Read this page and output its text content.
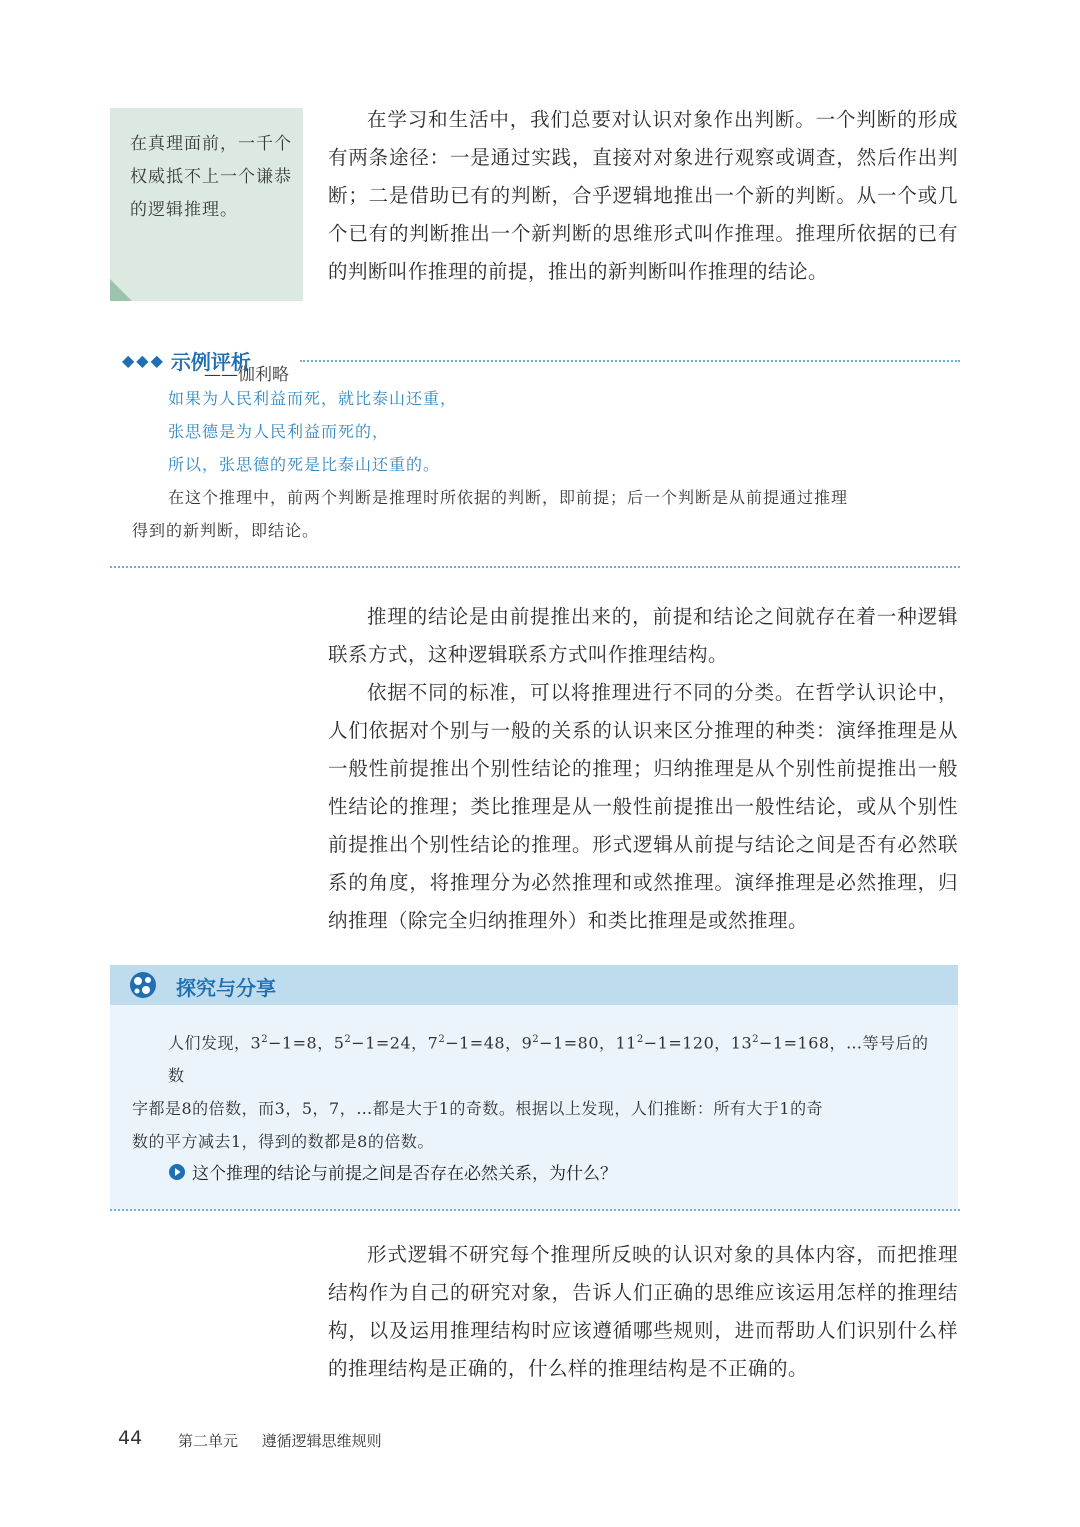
在真理面前，一千个权威抵不上一个谦恭的逻辑推理。
——伽利略

在学习和生活中，我们总要对认识对象作出判断。一个判断的形成有两条途径：一是通过实践，直接对对象进行观察或调查，然后作出判断；二是借助已有的判断，合乎逻辑地推出一个新的判断。从一个或几个已有的判断推出一个新判断的思维形式叫作推理。推理所依据的已有的判断叫作推理的前提，推出的新判断叫作推理的结论。

◆◆◆ 示例评析
如果为人民利益而死，就比泰山还重，
张思德是为人民利益而死的，
所以，张思德的死是比泰山还重的。
在这个推理中，前两个判断是推理时所依据的判断，即前提；后一个判断是从前提通过推理
得到的新判断，即结论。

推理的结论是由前提推出来的，前提和结论之间就存在着一种逻辑联系方式，这种逻辑联系方式叫作推理结构。

依据不同的标准，可以将推理进行不同的分类。在哲学认识论中，人们依据对个别与一般的关系的认识来区分推理的种类：演绎推理是从一般性前提推出个别性结论的推理；归纳推理是从个别性前提推出一般性结论的推理；类比推理是从一般性前提推出一般性结论，或从个别性前提推出个别性结论的推理。形式逻辑从前提与结论之间是否有必然联系的角度，将推理分为必然推理和或然推理。演绎推理是必然推理，归纳推理（除完全归纳推理外）和类比推理是或然推理。

探究与分享
人们发现，$3^2-1=8$，$5^2-1=24$，$7^2-1=48$，$9^2-1=80$，$11^2-1=120$，$13^2-1=168$，…等号后的数
字都是8的倍数，而3，5，7，…都是大于1的奇数。根据以上发现，人们推断：所有大于1的奇
数的平方减去1，得到的数都是8的倍数。
这个推理的结论与前提之间是否存在必然关系，为什么？

形式逻辑不研究每个推理所反映的认识对象的具体内容，而把推理结构作为自己的研究对象，告诉人们正确的思维应该运用怎样的推理结构，以及运用推理结构时应该遵循哪些规则，进而帮助人们识别什么样的推理结构是正确的，什么样的推理结构是不正确的。

44 第二单元 遵循逻辑思维规则
